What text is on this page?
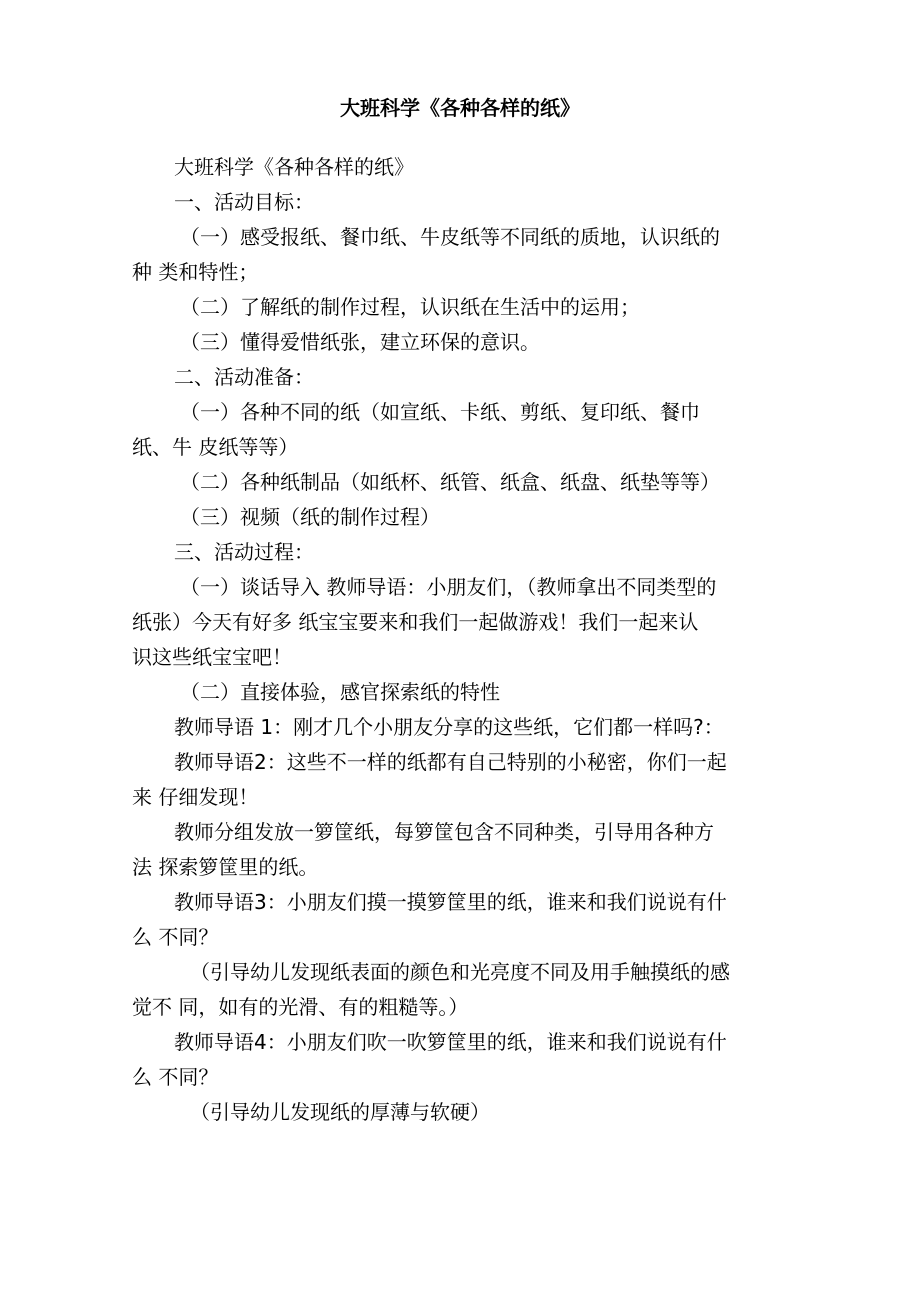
大班科学《各种各样的纸》

大班科学《各种各样的纸》

一、活动目标：

（一）感受报纸、餐巾纸、牛皮纸等不同纸的质地，认识纸的

种 类和特性；

（二）了解纸的制作过程，认识纸在生活中的运用；

（三）懂得爱惜纸张，建立环保的意识。

二、活动准备：

（一）各种不同的纸（如宣纸、卡纸、剪纸、复印纸、餐巾

纸、牛 皮纸等等）

（二）各种纸制品（如纸杯、纸管、纸盒、纸盘、纸垫等等）

（三）视频（纸的制作过程）

三、活动过程：

（一）谈话导入 教师导语：小朋友们，（教师拿出不同类型的

纸张）今天有好多 纸宝宝要来和我们一起做游戏！我们一起来认

识这些纸宝宝吧！

（二）直接体验，感官探索纸的特性

教师导语 1：刚才几个小朋友分享的这些纸，它们都一样吗?：

教师导语2：这些不一样的纸都有自己特别的小秘密，你们一起

来 仔细发现！

教师分组发放一箩筐纸，每箩筐包含不同种类，引导用各种方

法 探索箩筐里的纸。

教师导语3：小朋友们摸一摸箩筐里的纸，谁来和我们说说有什

么 不同？

（引导幼儿发现纸表面的颜色和光亮度不同及用手触摸纸的感

觉不 同，如有的光滑、有的粗糙等。）

教师导语4：小朋友们吹一吹箩筐里的纸，谁来和我们说说有什

么 不同？

（引导幼儿发现纸的厚薄与软硬）
